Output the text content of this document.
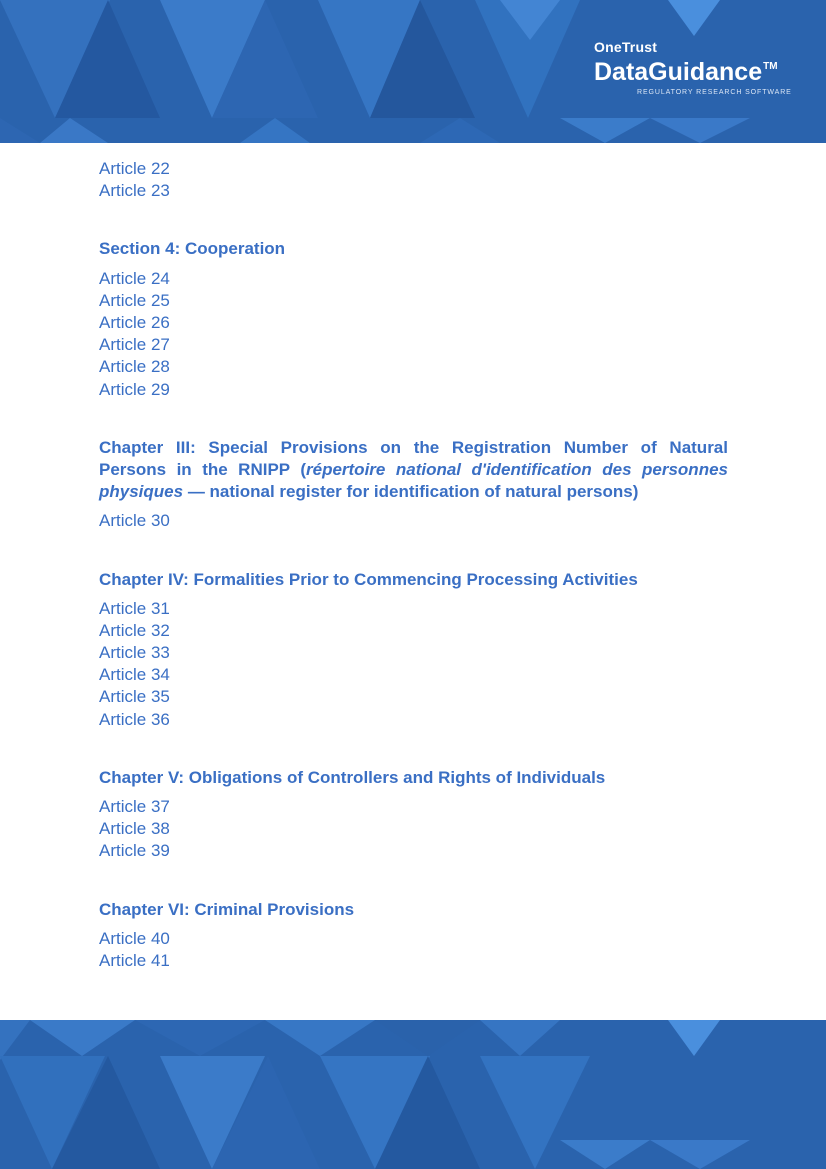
OneTrust
DataGuidance™
REGULATORY RESEARCH SOFTWARE
Article 22
Article 23
Section 4: Cooperation
Article 24
Article 25
Article 26
Article 27
Article 28
Article 29
Chapter III: Special Provisions on the Registration Number of Natural Persons in the RNIPP (répertoire national d'identification des personnes physiques — national register for identification of natural persons)
Article 30
Chapter IV: Formalities Prior to Commencing Processing Activities
Article 31
Article 32
Article 33
Article 34
Article 35
Article 36
Chapter V: Obligations of Controllers and Rights of Individuals
Article 37
Article 38
Article 39
Chapter VI: Criminal Provisions
Article 40
Article 41
